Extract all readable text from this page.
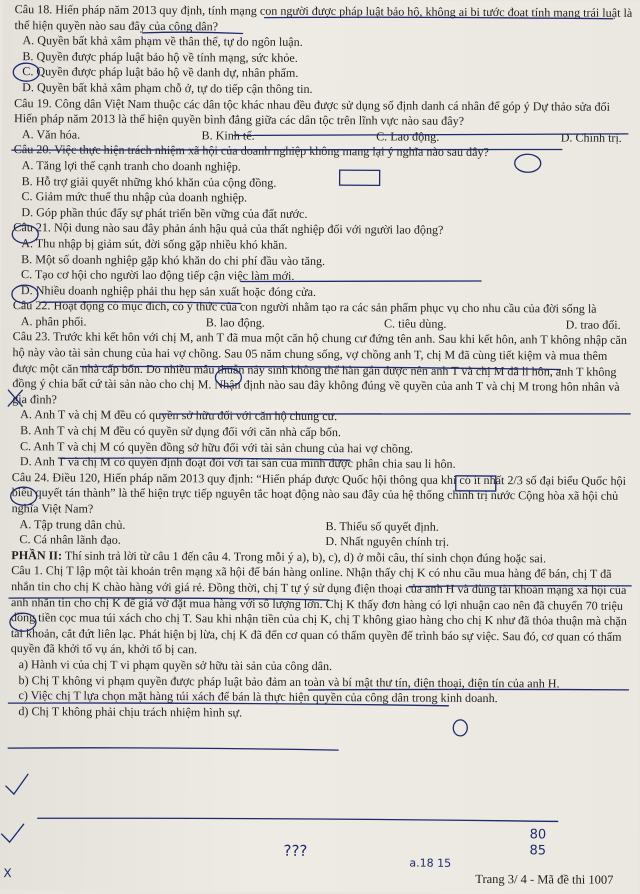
Câu 18. Hiến pháp năm 2013 quy định, tính mạng con người được pháp luật bảo hộ, không ai bị tước đoạt tính mạng trái luật là thể hiện quyền nào sau đây của công dân?

A. Quyền bất khả xâm phạm về thân thể, tự do ngôn luận.

B. Quyền được pháp luật bảo hộ về tính mạng, sức khỏe.

C. Quyền được pháp luật bảo hộ về danh dự, nhân phẩm.

D. Quyền bất khả xâm phạm chỗ ở, tự do tiếp cận thông tin.

Câu 19. Công dân Việt Nam thuộc các dân tộc khác nhau đều được sử dụng số định danh cá nhân để góp ý Dự thảo sửa đổi Hiến pháp năm 2013 là thể hiện quyền bình đẳng giữa các dân tộc trên lĩnh vực nào sau đây?

A. Văn hóa.	B. Kinh tế.	C. Lao động.	D. Chính trị.

Câu 20. Việc thực hiện trách nhiệm xã hội của doanh nghiệp không mang lại ý nghĩa nào sau đây?

A. Tăng lợi thế cạnh tranh cho doanh nghiệp.

B. Hỗ trợ giải quyết những khó khăn của cộng đồng.

C. Giảm mức thuế thu nhập của doanh nghiệp.

D. Góp phần thúc đẩy sự phát triển bền vững của đất nước.

Câu 21. Nội dung nào sau đây phản ánh hậu quả của thất nghiệp đối với người lao động?

A. Thu nhập bị giảm sút, đời sống gặp nhiều khó khăn.

B. Một số doanh nghiệp gặp khó khăn do chi phí đầu vào tăng.

C. Tạo cơ hội cho người lao động tiếp cận việc làm mới.

D. Nhiều doanh nghiệp phải thu hẹp sản xuất hoặc đóng cửa.

Câu 22. Hoạt động có mục đích, có ý thức của con người nhằm tạo ra các sản phẩm phục vụ cho nhu cầu của đời sống là

A. phân phối.	B. lao động.	C. tiêu dùng.	D. trao đổi.

Câu 23. Trước khi kết hôn với chị M, anh T đã mua một căn hộ chung cư đứng tên anh. Sau khi kết hôn, anh T không nhập căn hộ này vào tài sản chung của hai vợ chồng. Sau 05 năm chung sống, vợ chồng anh T, chị M đã cùng tiết kiệm và mua thêm được một căn nhà cấp bốn. Do nhiều mâu thuẫn nảy sinh không thể hàn gắn được nên anh T và chị M đã li hôn, anh T không đồng ý chia bất cứ tài sản nào cho chị M. Nhận định nào sau đây không đúng về quyền của anh T và chị M trong hôn nhân và gia đình?

A. Anh T và chị M đều có quyền sở hữu đối với căn hộ chung cư.

B. Anh T và chị M đều có quyền sử dụng đối với căn nhà cấp bốn.

C. Anh T và chị M có quyền đồng sở hữu đối với tài sản chung của hai vợ chồng.

D. Anh T và chị M có quyền định đoạt đối với tài sản của mình được phân chia sau li hôn.

Câu 24. Điều 120, Hiến pháp năm 2013 quy định: “Hiến pháp được Quốc hội thông qua khi có ít nhất 2/3 số đại biểu Quốc hội biểu quyết tán thành” là thể hiện trực tiếp nguyên tắc hoạt động nào sau đây của hệ thống chính trị nước Cộng hòa xã hội chủ nghĩa Việt Nam?

A. Tập trung dân chủ.	B. Thiểu số quyết định.
C. Cá nhân lãnh đạo.	D. Nhất nguyên chính trị.

PHẦN II: Thí sinh trả lời từ câu 1 đến câu 4. Trong mỗi ý a), b), c), d) ở mỗi câu, thí sinh chọn đúng hoặc sai.

Câu 1. Chị T lập một tài khoản trên mạng xã hội để bán hàng online. Nhận thấy chị K có nhu cầu mua hàng để bán, chị T đã nhắn tin cho chị K chào hàng với giá rẻ. Đồng thời, chị T tự ý sử dụng điện thoại của anh H và dùng tài khoản mạng xã hội của anh nhắn tin cho chị K để giả vờ đặt mua hàng với số lượng lớn. Chị K thấy đơn hàng có lợi nhuận cao nên đã chuyển 70 triệu đồng tiền cọc mua túi xách cho chị T. Sau khi nhận tiền của chị K, chị T không giao hàng cho chị K như đã thỏa thuận mà chặn tài khoản, cắt đứt liên lạc. Phát hiện bị lừa, chị K đã đến cơ quan có thẩm quyền để trình báo sự việc. Sau đó, cơ quan có thẩm quyền đã khởi tố vụ án, khởi tố bị can.

a) Hành vi của chị T vi phạm quyền sở hữu tài sản của công dân.

b) Chị T không vi phạm quyền được pháp luật bảo đảm an toàn và bí mật thư tín, điện thoại, điện tín của anh H.

c) Việc chị T lựa chọn mặt hàng túi xách để bán là thực hiện quyền của công dân trong kinh doanh.

d) Chị T không phải chịu trách nhiệm hình sự.

???
80
85
a.18 15
X	Trang 3/ 4 - Mã đề thi 1007
